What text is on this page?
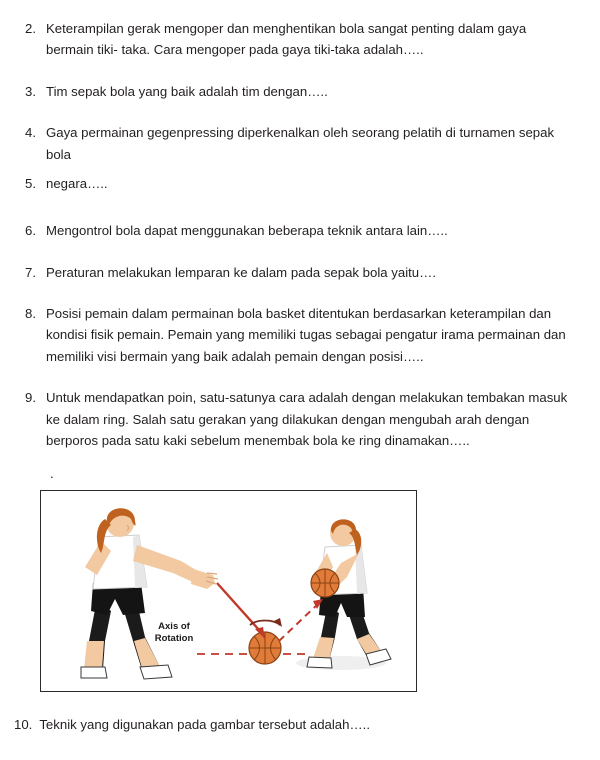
2. Keterampilan gerak mengoper dan menghentikan bola sangat penting dalam gaya bermain tiki- taka. Cara mengoper pada gaya tiki-taka adalah…..
3. Tim sepak bola yang baik adalah tim dengan…..
4. Gaya permainan gegenpressing diperkenalkan oleh seorang pelatih di turnamen sepak bola
5. negara…..
6. Mengontrol bola dapat menggunakan beberapa teknik antara lain…..
7. Peraturan melakukan lemparan ke dalam pada sepak bola yaitu….
8. Posisi pemain dalam permainan bola basket ditentukan berdasarkan keterampilan dan kondisi fisik pemain. Pemain yang memiliki tugas sebagai pengatur irama permainan dan memiliki visi bermain yang baik adalah pemain dengan posisi…..
9. Untuk mendapatkan poin, satu-satunya cara adalah dengan melakukan tembakan masuk ke dalam ring. Salah satu gerakan yang dilakukan dengan mengubah arah dengan berporos pada satu kaki sebelum menembak bola ke ring dinamakan…..
.
Axis of
Rotation
10. Teknik yang digunakan pada gambar tersebut adalah…..
